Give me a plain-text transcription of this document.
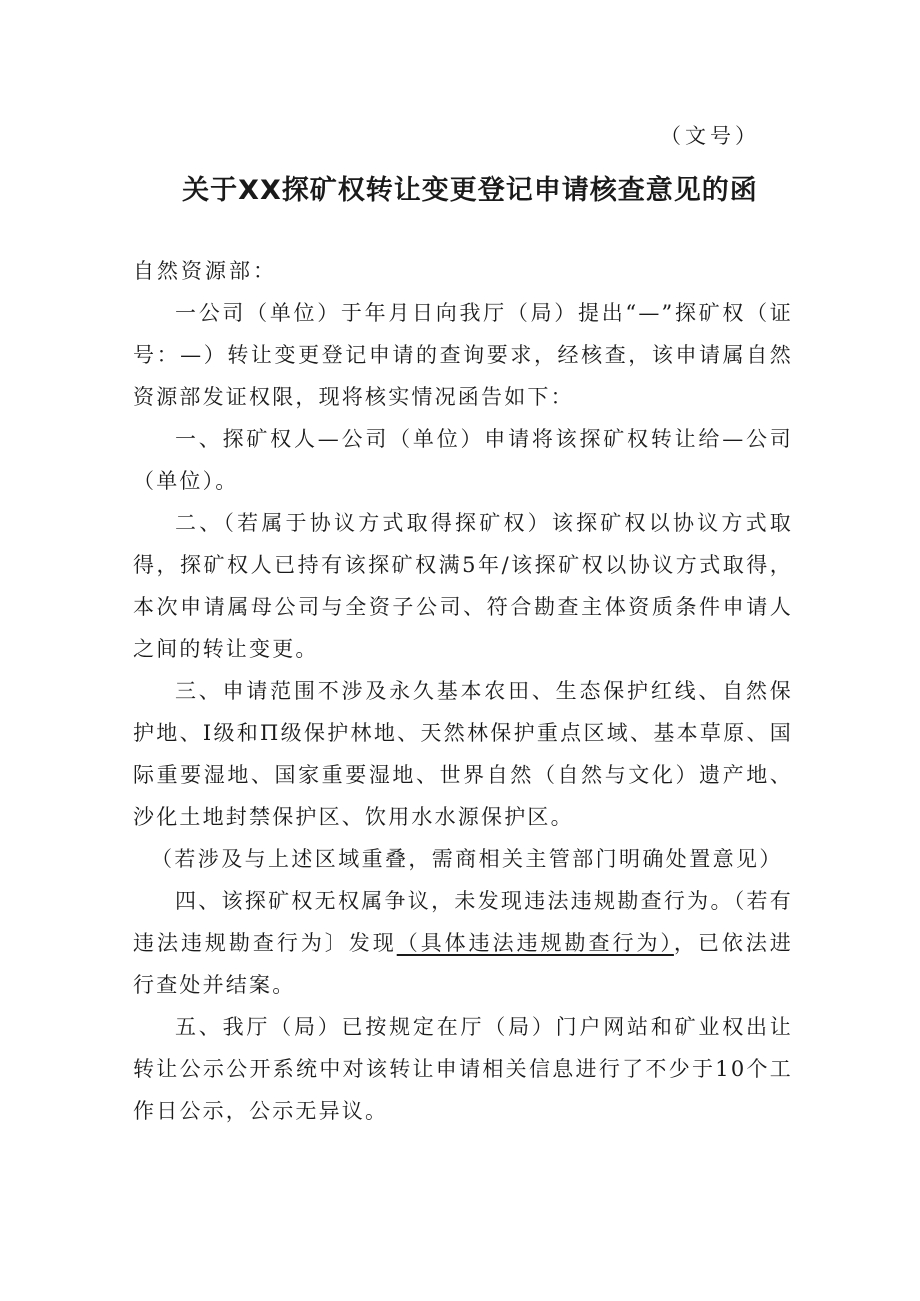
（文号）
关于XX探矿权转让变更登记申请核查意见的函

自然资源部：

一公司（单位）于年月日向我厅（局）提出“—”探矿权（证号：—）转让变更登记申请的查询要求，经核查，该申请属自然资源部发证权限，现将核实情况函告如下：

一、探矿权人—公司（单位）申请将该探矿权转让给—公司（单位）。

二、（若属于协议方式取得探矿权）该探矿权以协议方式取得，探矿权人已持有该探矿权满5年/该探矿权以协议方式取得，本次申请属母公司与全资子公司、符合勘查主体资质条件申请人之间的转让变更。

三、申请范围不涉及永久基本农田、生态保护红线、自然保护地、I级和Π级保护林地、天然林保护重点区域、基本草原、国际重要湿地、国家重要湿地、世界自然（自然与文化）遗产地、沙化土地封禁保护区、饮用水水源保护区。

（若涉及与上述区域重叠，需商相关主管部门明确处置意见）

四、该探矿权无权属争议，未发现违法违规勘查行为。（若有违法违规勘查行为〕发现（具体违法违规勘查行为），已依法进行查处并结案。

五、我厅（局）已按规定在厅（局）门户网站和矿业权出让转让公示公开系统中对该转让申请相关信息进行了不少于10个工作日公示，公示无异议。
